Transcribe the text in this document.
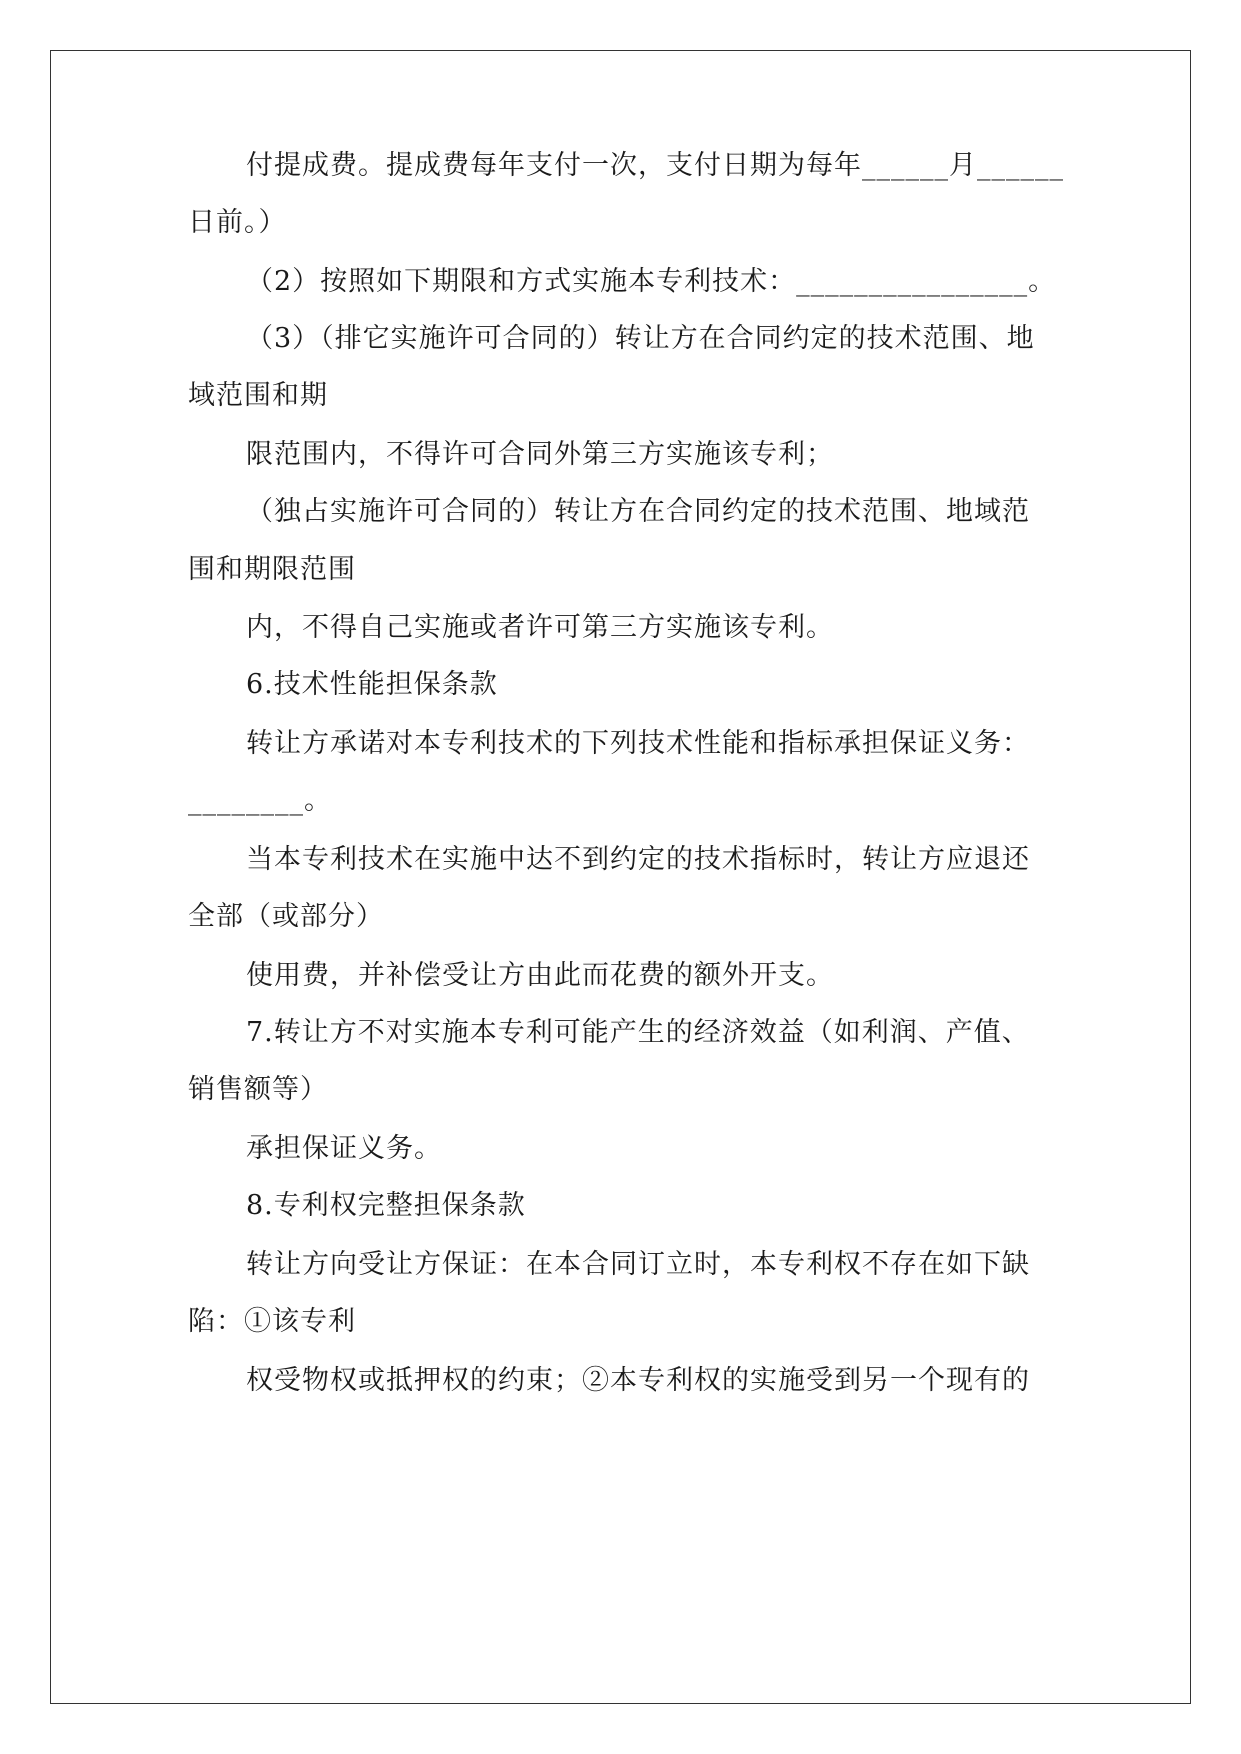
付提成费。提成费每年支付一次，支付日期为每年______月______
日前。）
（2）按照如下期限和方式实施本专利技术：________________。
（3）（排它实施许可合同的）转让方在合同约定的技术范围、地
域范围和期
限范围内，不得许可合同外第三方实施该专利；
（独占实施许可合同的）转让方在合同约定的技术范围、地域范
围和期限范围
内，不得自己实施或者许可第三方实施该专利。
6.技术性能担保条款
转让方承诺对本专利技术的下列技术性能和指标承担保证义务：
________。
当本专利技术在实施中达不到约定的技术指标时，转让方应退还
全部（或部分）
使用费，并补偿受让方由此而花费的额外开支。
7.转让方不对实施本专利可能产生的经济效益（如利润、产值、
销售额等）
承担保证义务。
8.专利权完整担保条款
转让方向受让方保证：在本合同订立时，本专利权不存在如下缺
陷：①该专利
权受物权或抵押权的约束；②本专利权的实施受到另一个现有的
